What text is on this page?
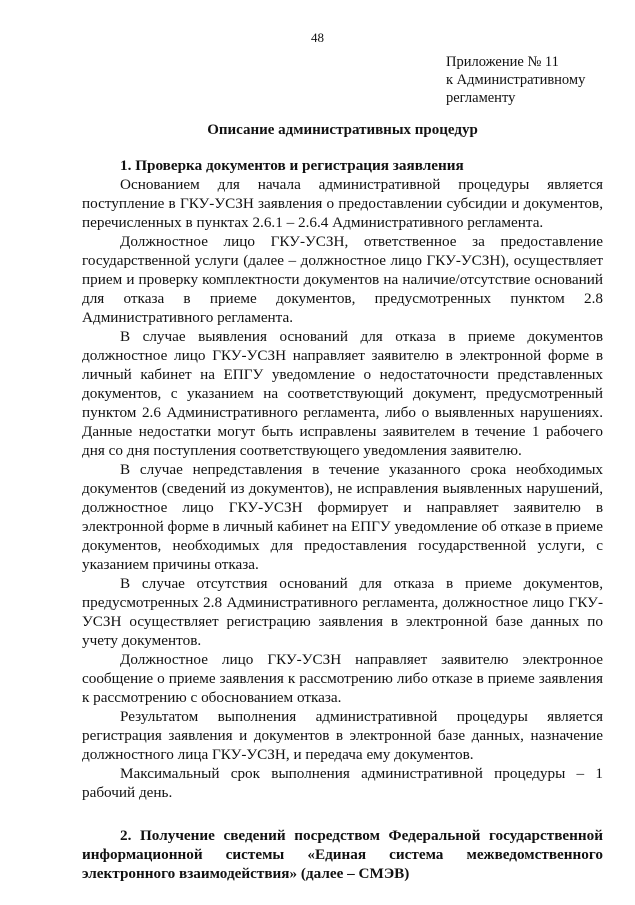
48
Приложение № 11
к Административному
регламенту
Описание административных процедур

1. Проверка документов и регистрация заявления

Основанием для начала административной процедуры является поступление в ГКУ-УСЗН заявления о предоставлении субсидии и документов, перечисленных в пунктах 2.6.1 – 2.6.4 Административного регламента.

Должностное лицо ГКУ-УСЗН, ответственное за предоставление государственной услуги (далее – должностное лицо ГКУ-УСЗН), осуществляет прием и проверку комплектности документов на наличие/отсутствие оснований для отказа в приеме документов, предусмотренных пунктом 2.8 Административного регламента.

В случае выявления оснований для отказа в приеме документов должностное лицо ГКУ-УСЗН направляет заявителю в электронной форме в личный кабинет на ЕПГУ уведомление о недостаточности представленных документов, с указанием на соответствующий документ, предусмотренный пунктом 2.6 Административного регламента, либо о выявленных нарушениях. Данные недостатки могут быть исправлены заявителем в течение 1 рабочего дня со дня поступления соответствующего уведомления заявителю.

В случае непредставления в течение указанного срока необходимых документов (сведений из документов), не исправления выявленных нарушений, должностное лицо ГКУ-УСЗН формирует и направляет заявителю в электронной форме в личный кабинет на ЕПГУ уведомление об отказе в приеме документов, необходимых для предоставления государственной услуги, с указанием причины отказа.

В случае отсутствия оснований для отказа в приеме документов, предусмотренных 2.8 Административного регламента, должностное лицо ГКУ-УСЗН осуществляет регистрацию заявления в электронной базе данных по учету документов.

Должностное лицо ГКУ-УСЗН направляет заявителю электронное сообщение о приеме заявления к рассмотрению либо отказе в приеме заявления к рассмотрению с обоснованием отказа.

Результатом выполнения административной процедуры является регистрация заявления и документов в электронной базе данных, назначение должностного лица ГКУ-УСЗН, и передача ему документов.

Максимальный срок выполнения административной процедуры – 1 рабочий день.

2. Получение сведений посредством Федеральной государственной информационной системы «Единая система межведомственного электронного взаимодействия» (далее – СМЭВ)
